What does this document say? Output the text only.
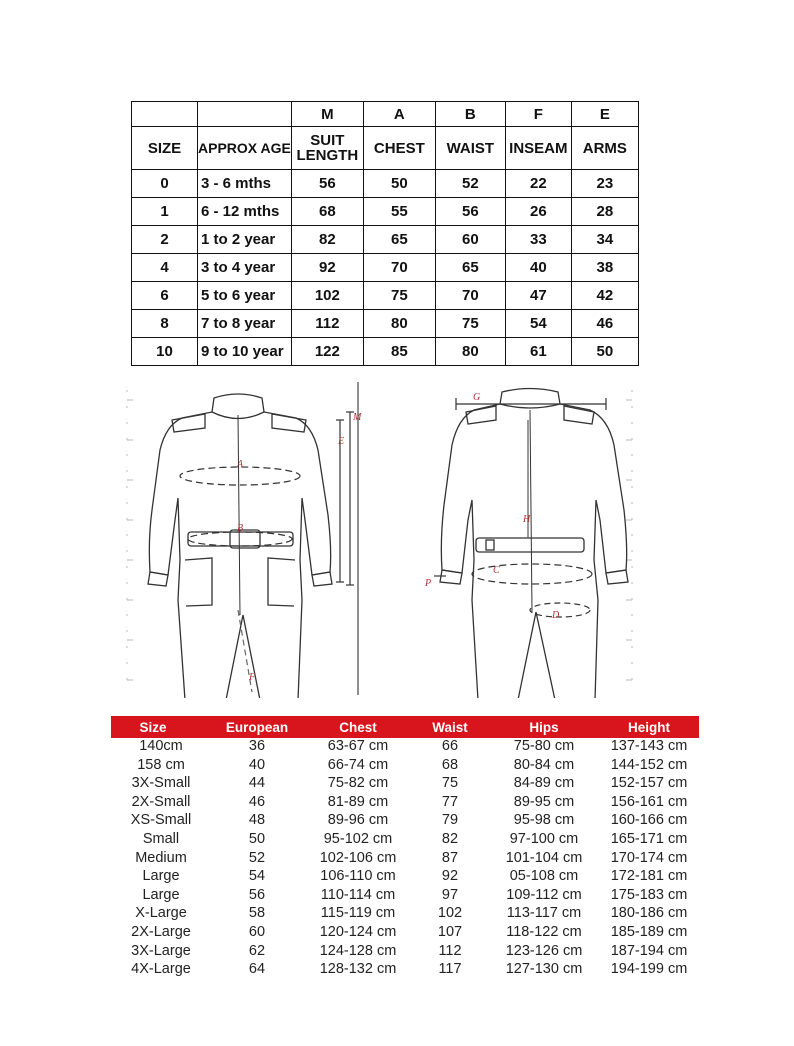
		M	A	B	F	E
SIZE	APPROX AGE	SUIT LENGTH	CHEST	WAIST	INSEAM	ARMS
0	3 - 6 mths	56	50	52	22	23
1	6 - 12 mths	68	55	56	26	28
2	1 to 2 year	82	65	60	33	34
4	3 to 4 year	92	70	65	40	38
6	5 to 6 year	102	75	70	47	42
8	7 to 8 year	112	80	75	54	46
10	9 to 10 year	122	85	80	61	50
M
E
A
B
F
G
H
C
D
P
Size	European	Chest	Waist	Hips	Height
140cm	36	63-67 cm	66	75-80 cm	137-143 cm
158 cm	40	66-74 cm	68	80-84 cm	144-152 cm
3X-Small	44	75-82 cm	75	84-89 cm	152-157 cm
2X-Small	46	81-89 cm	77	89-95 cm	156-161 cm
XS-Small	48	89-96 cm	79	95-98 cm	160-166 cm
Small	50	95-102 cm	82	97-100 cm 165-171 cm
Medium	52	102-106 cm	87	101-104 cm 170-174 cm
Large	54	106-110 cm	92	05-108 cm 172-181 cm
Large	56	110-114 cm	97	109-112 cm 175-183 cm
X-Large	58	115-119 cm	102	113-117 cm 180-186 cm
2X-Large	60	120-124 cm	107	118-122 cm 185-189 cm
3X-Large	62	124-128 cm	112	123-126 cm 187-194 cm
4X-Large	64	128-132 cm	117	127-130 cm 194-199 cm
